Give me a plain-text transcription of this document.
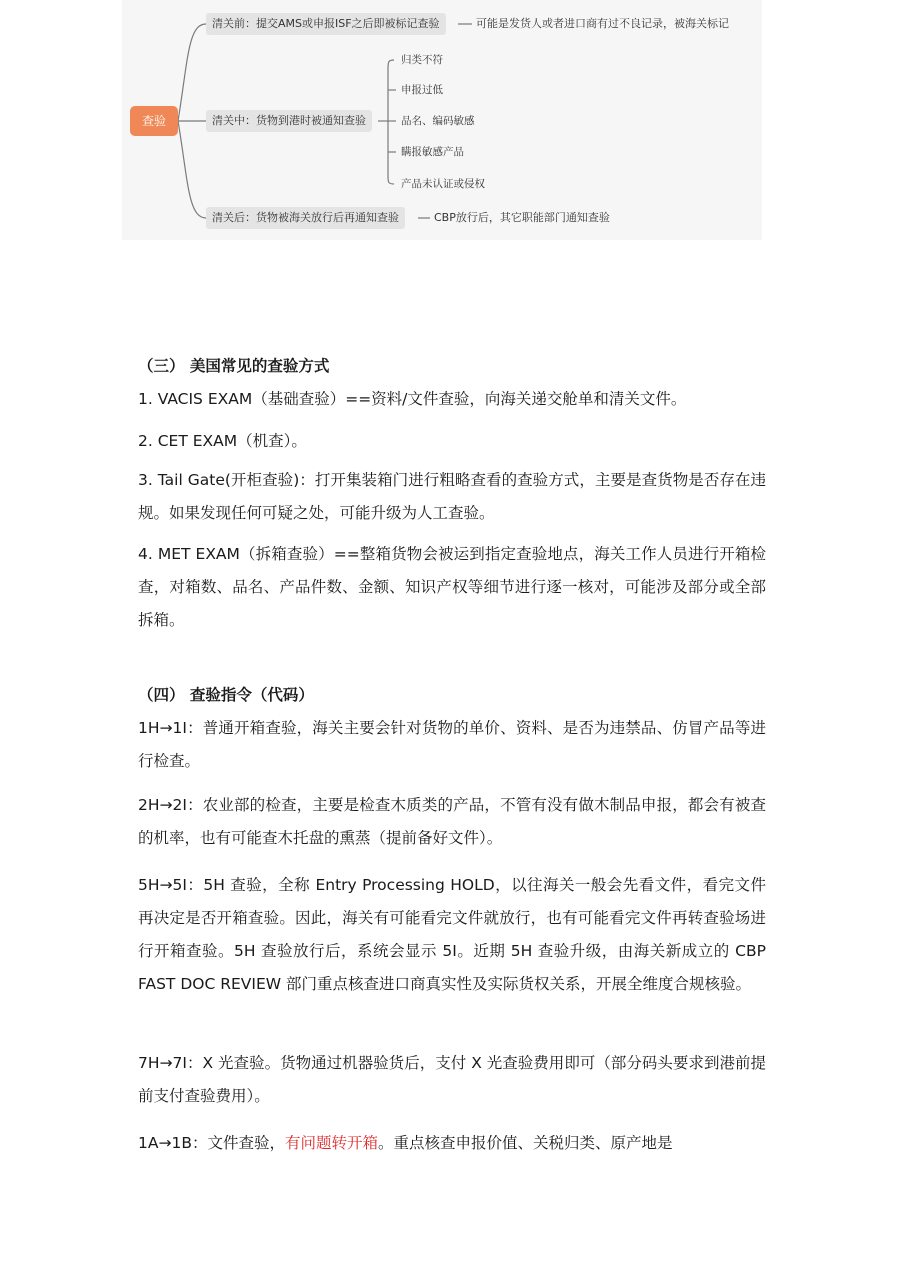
查验
清关前：提交AMS或申报ISF之后即被标记查验	可能是发货人或者进口商有过不良记录，被海关标记
清关中：货物到港时被通知查验
归类不符
申报过低
品名、编码敏感
瞒报敏感产品
产品未认证或侵权
清关后：货物被海关放行后再通知查验	CBP放行后，其它职能部门通知查验
（三） 美国常见的查验方式
1. VACIS EXAM（基础查验）==资料/文件查验，向海关递交舱单和清关文件。
2. CET EXAM（机查）。
3. Tail Gate(开柜查验)：打开集装箱门进行粗略查看的查验方式，主要是查货物是否存在违规。如果发现任何可疑之处，可能升级为人工查验。
4. MET EXAM（拆箱查验）==整箱货物会被运到指定查验地点，海关工作人员进行开箱检查，对箱数、品名、产品件数、金额、知识产权等细节进行逐一核对，可能涉及部分或全部拆箱。
（四） 查验指令（代码）
1H→1I：普通开箱查验，海关主要会针对货物的单价、资料、是否为违禁品、仿冒产品等进行检查。
2H→2I：农业部的检查，主要是检查木质类的产品，不管有没有做木制品申报，都会有被查的机率，也有可能查木托盘的熏蒸（提前备好文件）。
5H→5I：5H 查验，全称 Entry Processing HOLD，以往海关一般会先看文件，看完文件再决定是否开箱查验。因此，海关有可能看完文件就放行，也有可能看完文件再转查验场进行开箱查验。5H 查验放行后，系统会显示 5I。近期 5H 查验升级，由海关新成立的 CBP FAST DOC REVIEW 部门重点核查进口商真实性及实际货权关系，开展全维度合规核验。
7H→7I：X 光查验。货物通过机器验货后，支付 X 光查验费用即可（部分码头要求到港前提前支付查验费用）。
1A→1B：文件查验，有问题转开箱。重点核查申报价值、关税归类、原产地是
